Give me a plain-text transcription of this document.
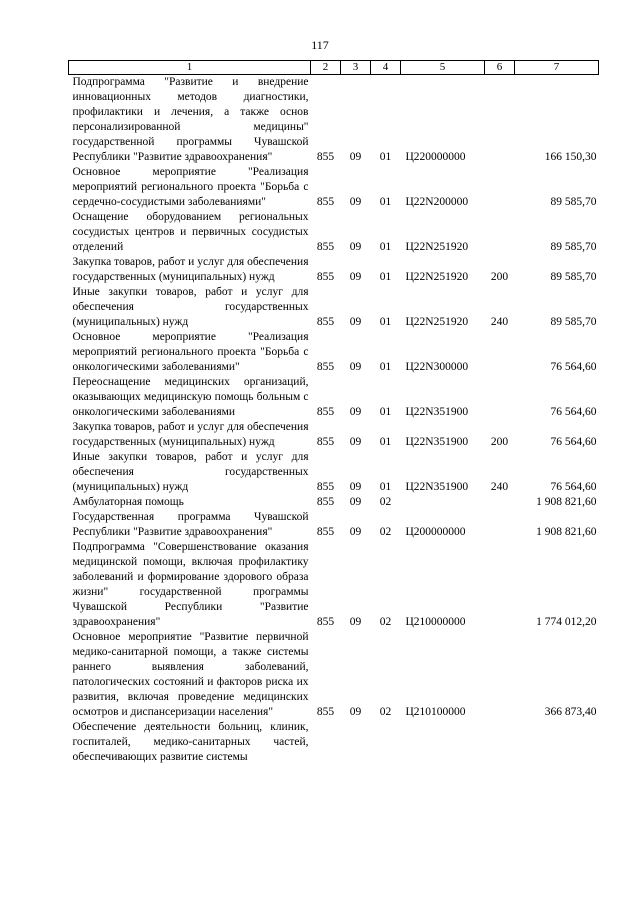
117
1	2	3	4	5	6	7
Подпрограмма "Развитие и внедрение инновационных методов диагностики, профилактики и лечения, а также основ персонализированной медицины" государственной программы Чувашской Республики "Развитие здравоохранения"	855	09	01	Ц220000000		166 150,30
Основное мероприятие "Реализация мероприятий регионального проекта "Борьба с сердечно-сосудистыми заболеваниями"	855	09	01	Ц22N200000		89 585,70
Оснащение оборудованием региональных сосудистых центров и первичных сосудистых отделений	855	09	01	Ц22N251920		89 585,70
Закупка товаров, работ и услуг для обеспечения государственных (муниципальных) нужд	855	09	01	Ц22N251920	200	89 585,70
Иные закупки товаров, работ и услуг для обеспечения государственных (муниципальных) нужд	855	09	01	Ц22N251920	240	89 585,70
Основное мероприятие "Реализация мероприятий регионального проекта "Борьба с онкологическими заболеваниями"	855	09	01	Ц22N300000		76 564,60
Переоснащение медицинских организаций, оказывающих медицинскую помощь больным с онкологическими заболеваниями	855	09	01	Ц22N351900		76 564,60
Закупка товаров, работ и услуг для обеспечения государственных (муниципальных) нужд	855	09	01	Ц22N351900	200	76 564,60
Иные закупки товаров, работ и услуг для обеспечения государственных (муниципальных) нужд	855	09	01	Ц22N351900	240	76 564,60
Амбулаторная помощь	855	09	02			1 908 821,60
Государственная программа Чувашской Республики "Развитие здравоохранения"	855	09	02	Ц200000000		1 908 821,60
Подпрограмма "Совершенствование оказания медицинской помощи, включая профилактику заболеваний и формирование здорового образа жизни" государственной программы Чувашской Республики "Развитие здравоохранения"	855	09	02	Ц210000000		1 774 012,20
Основное мероприятие "Развитие первичной медико-санитарной помощи, а также системы раннего выявления заболеваний, патологических состояний и факторов риска их развития, включая проведение медицинских осмотров и диспансеризации населения"	855	09	02	Ц210100000		366 873,40
Обеспечение деятельности больниц, клиник, госпиталей, медико-санитарных частей, обеспечивающих развитие системы						
